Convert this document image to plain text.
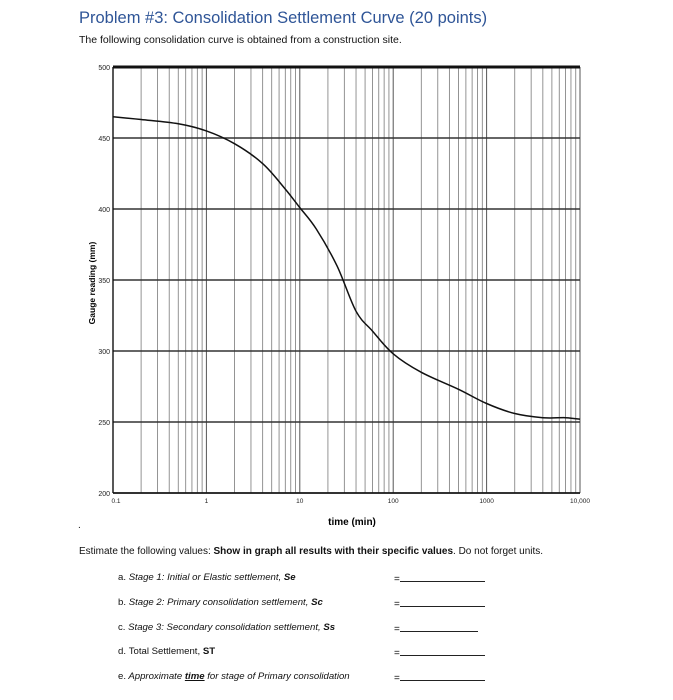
Problem #3: Consolidation Settlement Curve (20 points)
The following consolidation curve is obtained from a construction site.
500
450
400
350
300
250
200
0.1	1	10	100	1000	10,000
time (min)
Gauge reading (mm)
.
Estimate the following values: Show in graph all results with their specific values. Do not forget units.
a. Stage 1: Initial or Elastic settlement, Se	=
b. Stage 2: Primary consolidation settlement, Sc	=
c. Stage 3: Secondary consolidation settlement, Ss	=
d. Total Settlement, ST	=
e. Approximate time for stage of Primary consolidation	=
